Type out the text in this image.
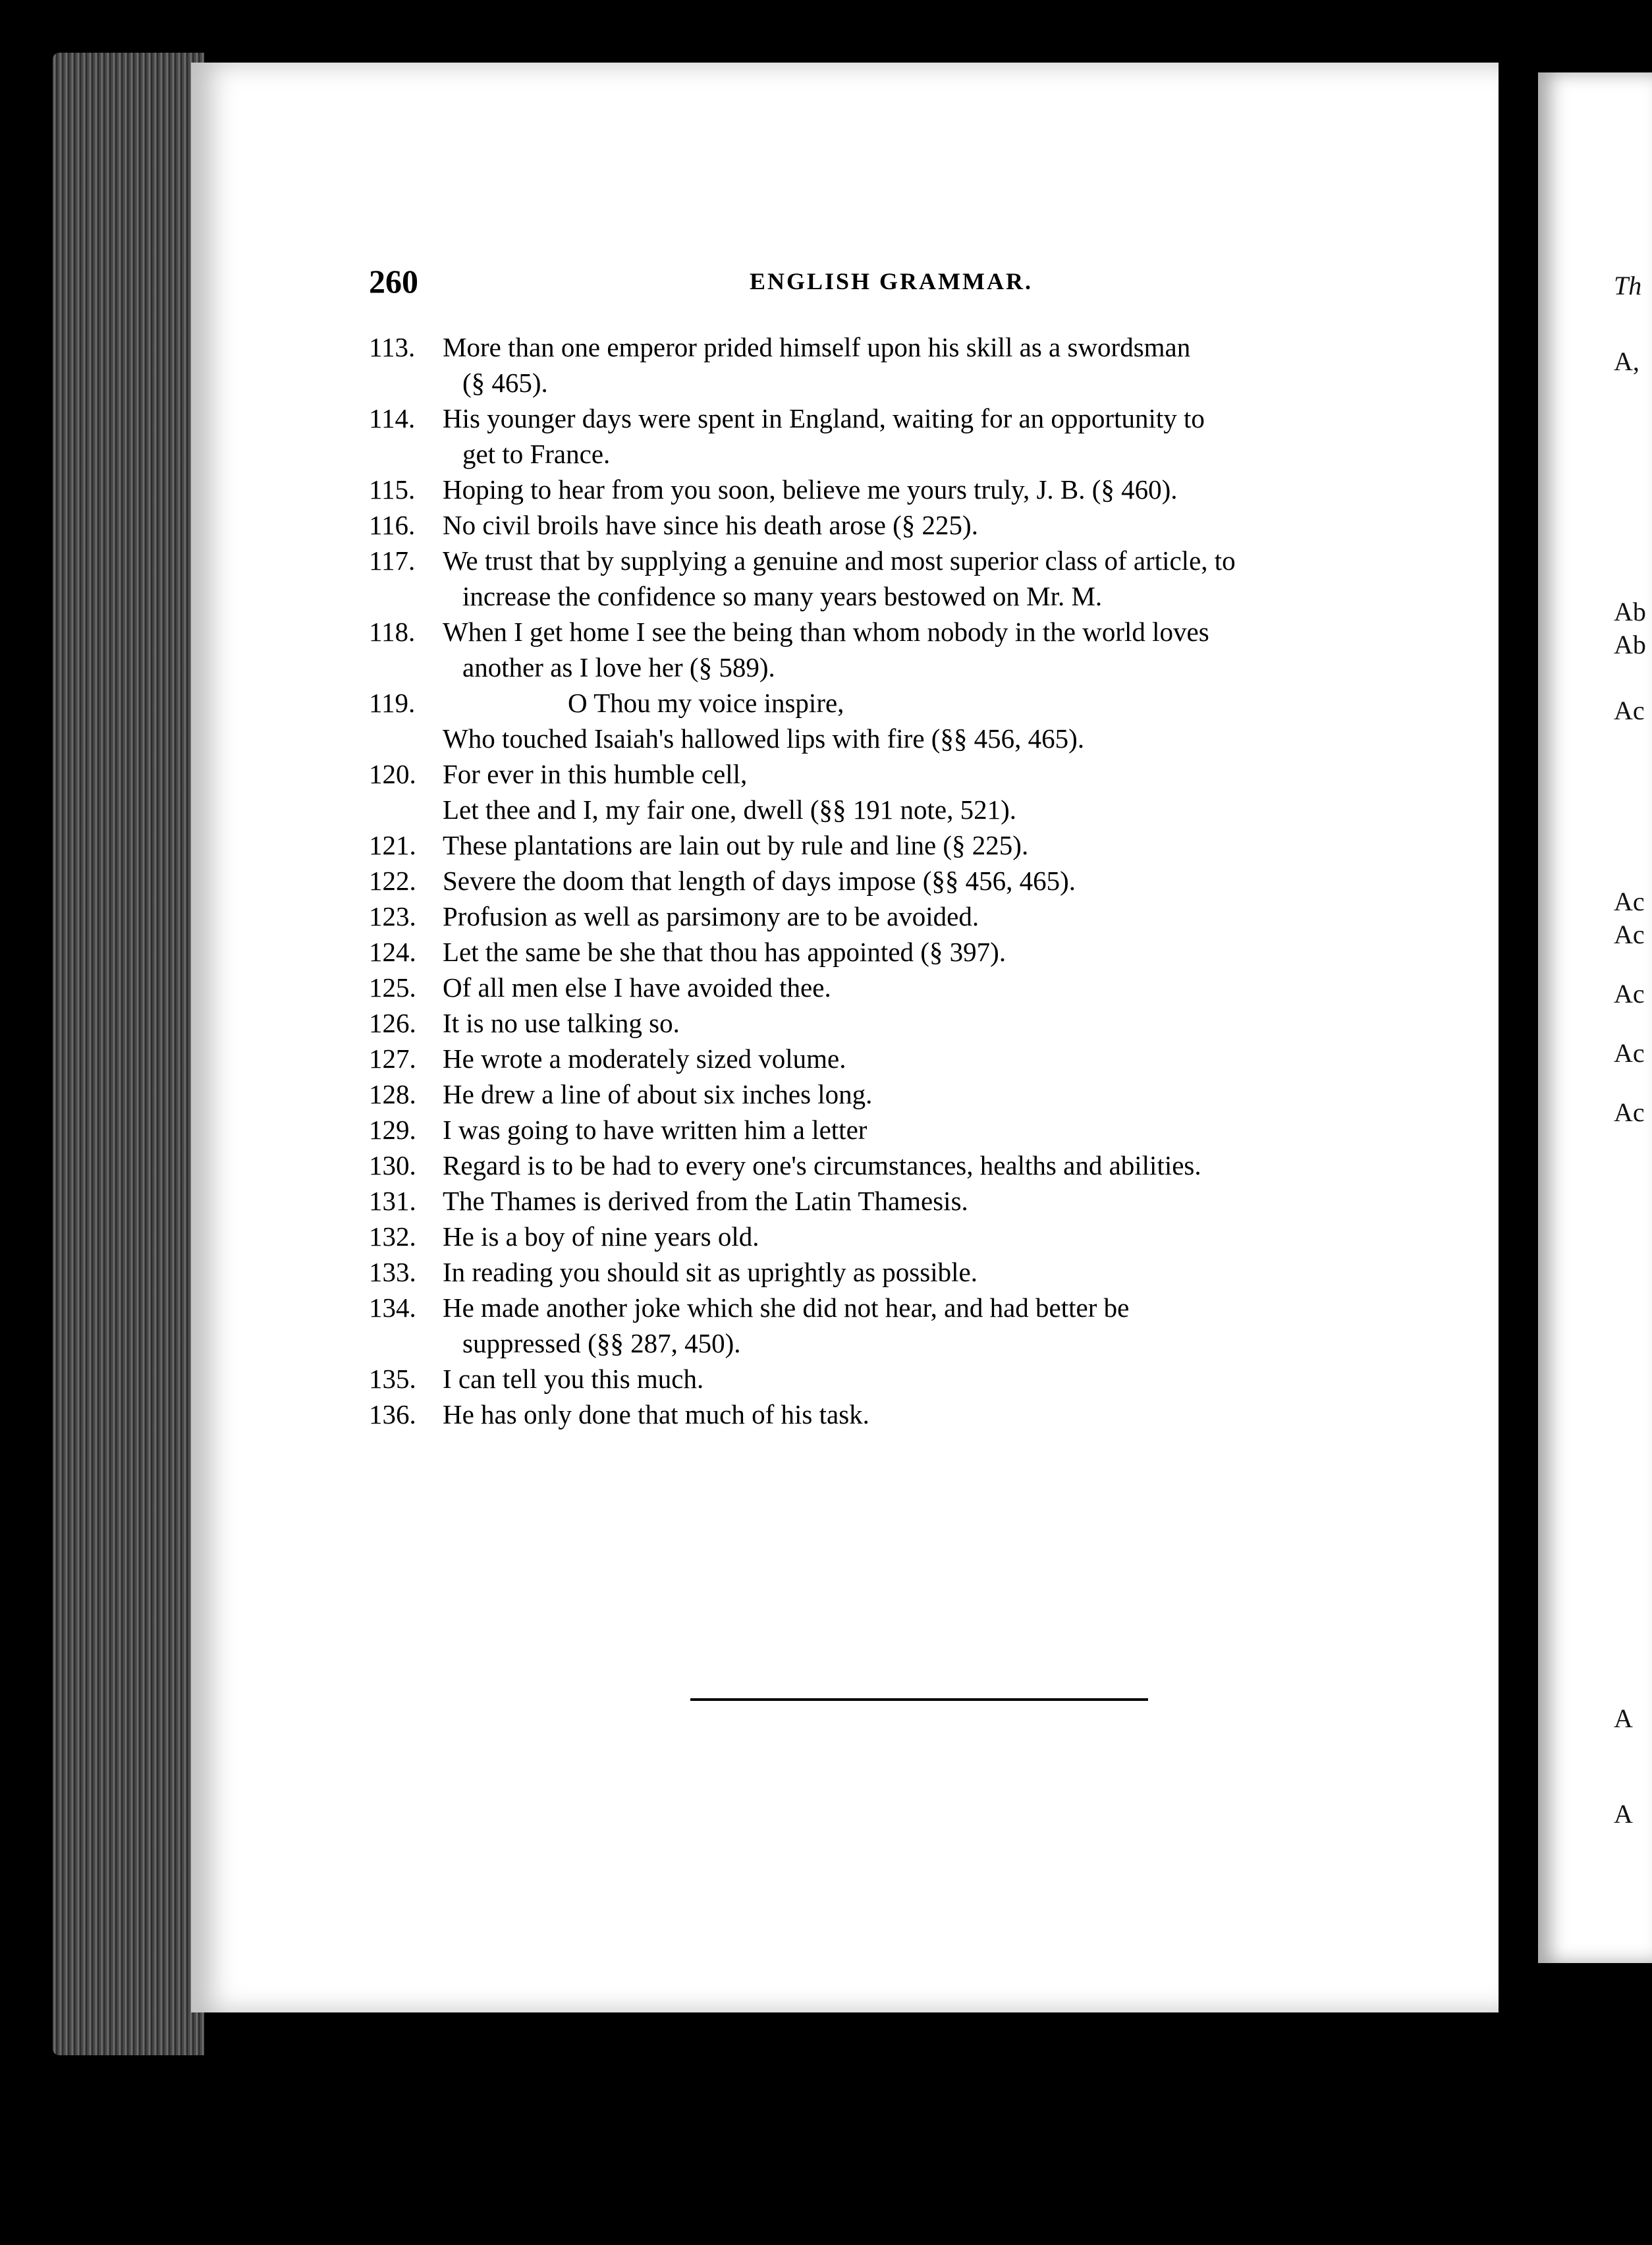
260	ENGLISH GRAMMAR.
113. More than one emperor prided himself upon his skill as a swordsman
(§ 465).
114. His younger days were spent in England, waiting for an opportunity to
get to France.
115. Hoping to hear from you soon, believe me yours truly, J. B. (§ 460).
116. No civil broils have since his death arose (§ 225).
117. We trust that by supplying a genuine and most superior class of article, to
increase the confidence so many years bestowed on Mr. M.
118. When I get home I see the being than whom nobody in the world loves
another as I love her (§ 589).
119.	O Thou my voice inspire,
Who touched Isaiah's hallowed lips with fire (§§ 456, 465).
120. For ever in this humble cell,
Let thee and I, my fair one, dwell (§§ 191 note, 521).
121. These plantations are lain out by rule and line (§ 225).
122. Severe the doom that length of days impose (§§ 456, 465).
123. Profusion as well as parsimony are to be avoided.
124. Let the same be she that thou has appointed (§ 397).
125. Of all men else I have avoided thee.
126. It is no use talking so.
127. He wrote a moderately sized volume.
128. He drew a line of about six inches long.
129. I was going to have written him a letter
130. Regard is to be had to every one's circumstances, healths and abilities.
131. The Thames is derived from the Latin Thamesis.
132. He is a boy of nine years old.
133. In reading you should sit as uprightly as possible.
134. He made another joke which she did not hear, and had better be
suppressed (§§ 287, 450).
135. I can tell you this much.
136. He has only done that much of his task.
Th
A,
Ab
Ab
Ac
Ac
Ac
Ac
Ac
Ac
A
A
